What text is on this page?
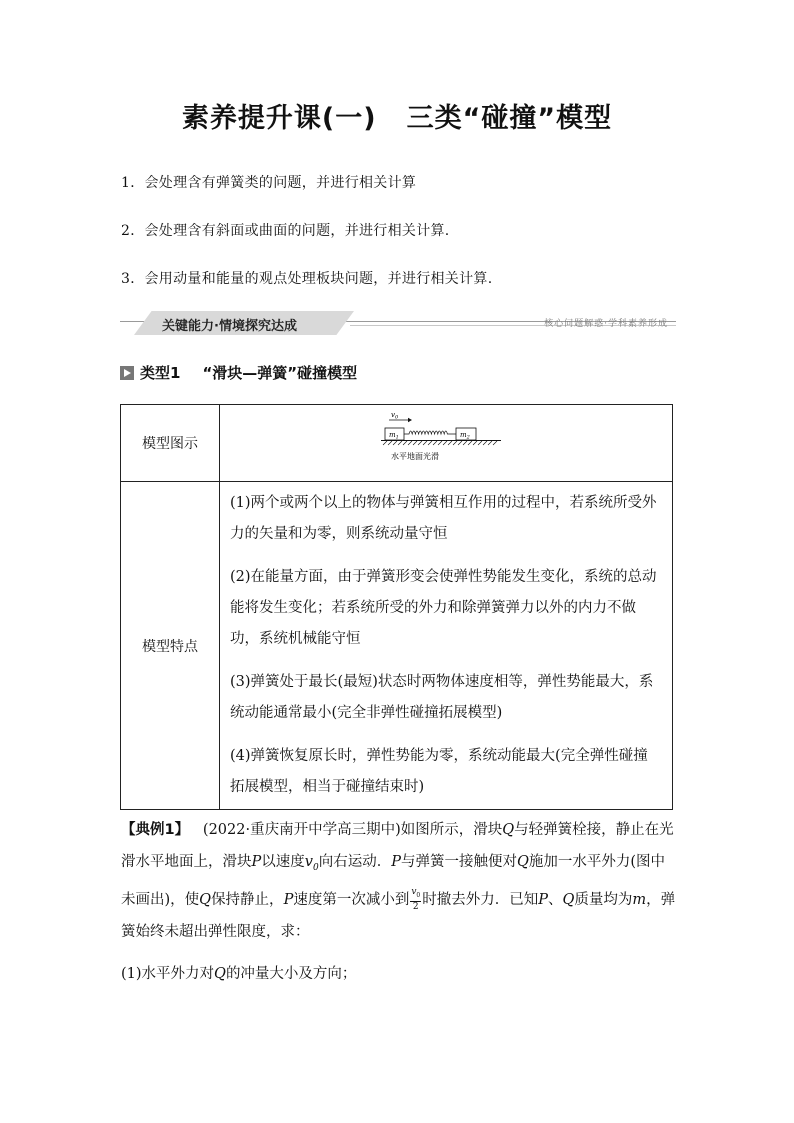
素养提升课(一) 三类“碰撞”模型
1．会处理含有弹簧类的问题，并进行相关计算
2．会处理含有斜面或曲面的问题，并进行相关计算.
3．会用动量和能量的观点处理板块问题，并进行相关计算.
关键能力·情境探究达成	核心问题解惑·学科素养形成
类型1 “滑块—弹簧”碰撞模型
模型图示	$v_0$
$m_1$ $m_2$
水平地面光滑

模型特点	(1)两个或两个以上的物体与弹簧相互作用的过程中，若系统所受外力的矢量和为零，则系统动量守恒

(2)在能量方面，由于弹簧形变会使弹性势能发生变化，系统的总动能将发生变化；若系统所受的外力和除弹簧弹力以外的内力不做功，系统机械能守恒

(3)弹簧处于最长(最短)状态时两物体速度相等，弹性势能最大，系统动能通常最小(完全非弹性碰撞拓展模型)

(4)弹簧恢复原长时，弹性势能为零，系统动能最大(完全弹性碰撞拓展模型，相当于碰撞结束时)

【典例1】 (2022·重庆南开中学高三期中)如图所示，滑块Q与轻弹簧栓接，静止在光滑水平地面上，滑块P以速度$v_0$向右运动．P与弹簧一接触便对Q施加一水平外力(图中未画出)，使Q保持静止，P速度第一次减小到 $\frac{v_0}{2}$ 时撤去外力．已知P、Q质量均为m，弹簧始终未超出弹性限度，求：
(1)水平外力对Q的冲量大小及方向；
